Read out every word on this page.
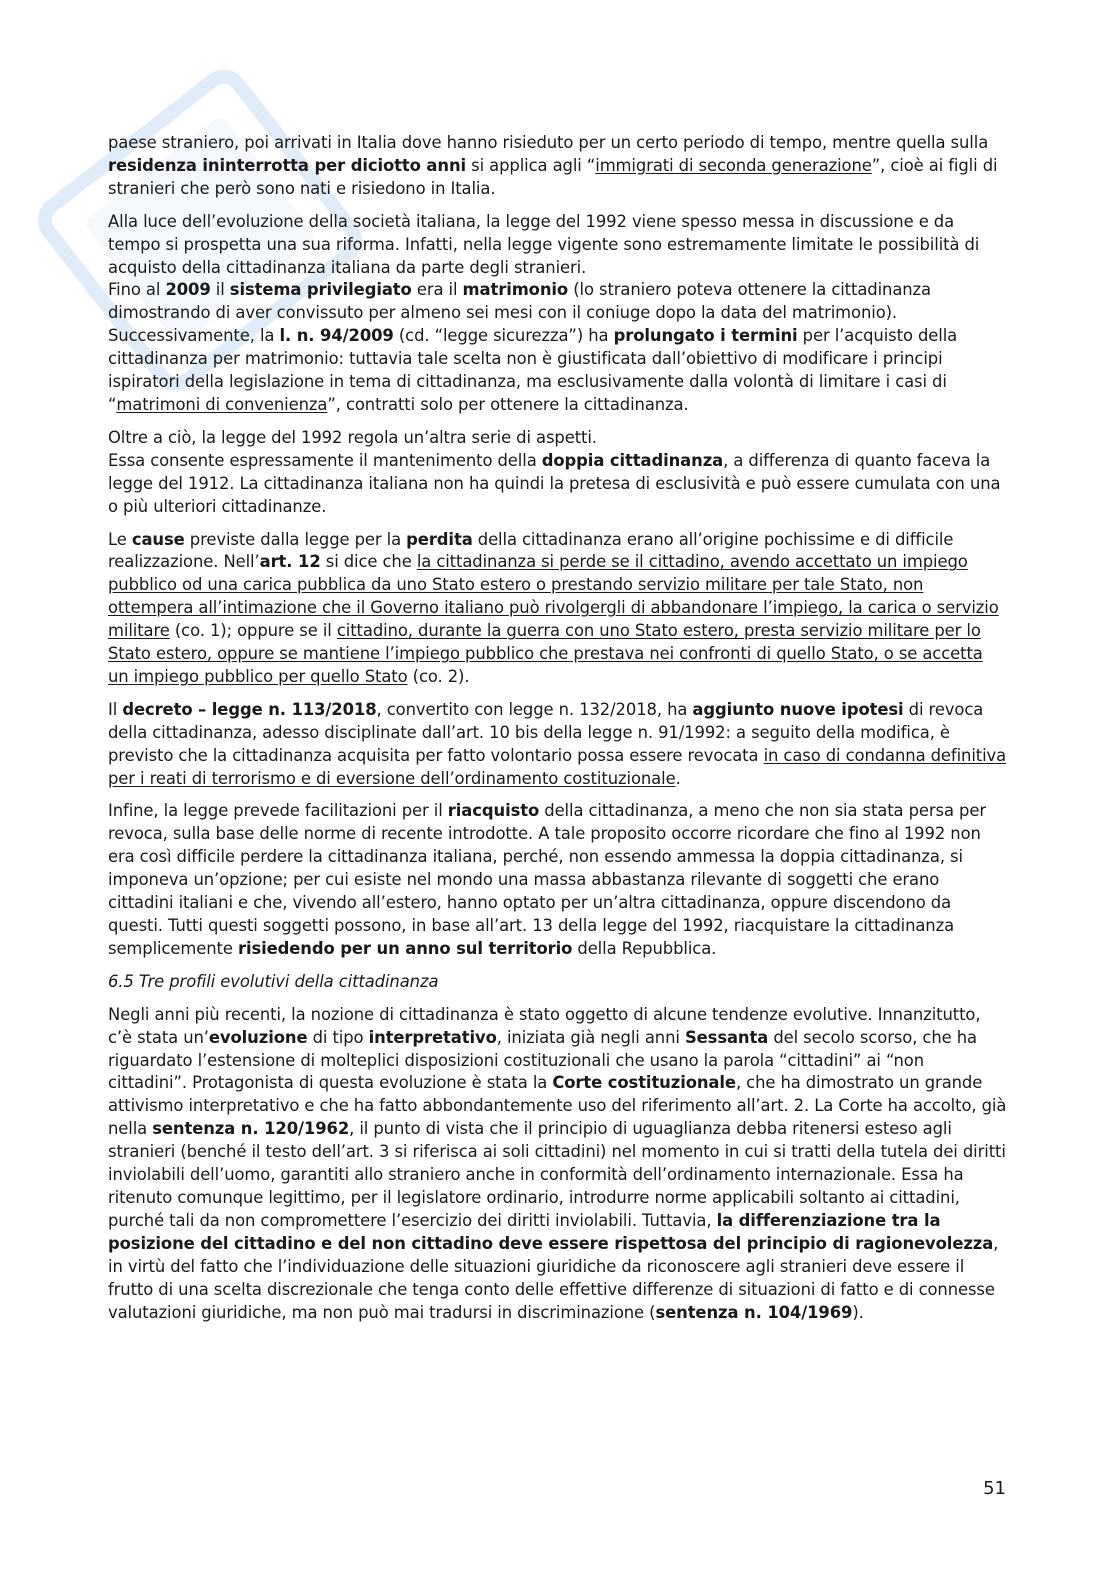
paese straniero, poi arrivati in Italia dove hanno risieduto per un certo periodo di tempo, mentre quella sulla residenza ininterrotta per diciotto anni si applica agli “immigrati di seconda generazione”, cioè ai figli di stranieri che però sono nati e risiedono in Italia.

Alla luce dell’evoluzione della società italiana, la legge del 1992 viene spesso messa in discussione e da tempo si prospetta una sua riforma. Infatti, nella legge vigente sono estremamente limitate le possibilità di acquisto della cittadinanza italiana da parte degli stranieri.

Fino al 2009 il sistema privilegiato era il matrimonio (lo straniero poteva ottenere la cittadinanza dimostrando di aver convissuto per almeno sei mesi con il coniuge dopo la data del matrimonio). Successivamente, la l. n. 94/2009 (cd. “legge sicurezza”) ha prolungato i termini per l’acquisto della cittadinanza per matrimonio: tuttavia tale scelta non è giustificata dall’obiettivo di modificare i principi ispiratori della legislazione in tema di cittadinanza, ma esclusivamente dalla volontà di limitare i casi di “matrimoni di convenienza”, contratti solo per ottenere la cittadinanza.

Oltre a ciò, la legge del 1992 regola un’altra serie di aspetti.

Essa consente espressamente il mantenimento della doppia cittadinanza, a differenza di quanto faceva la legge del 1912. La cittadinanza italiana non ha quindi la pretesa di esclusività e può essere cumulata con una o più ulteriori cittadinanze.

Le cause previste dalla legge per la perdita della cittadinanza erano all’origine pochissime e di difficile realizzazione. Nell’art. 12 si dice che la cittadinanza si perde se il cittadino, avendo accettato un impiego pubblico od una carica pubblica da uno Stato estero o prestando servizio militare per tale Stato, non ottempera all’intimazione che il Governo italiano può rivolgergli di abbandonare l’impiego, la carica o servizio militare (co. 1); oppure se il cittadino, durante la guerra con uno Stato estero, presta servizio militare per lo Stato estero, oppure se mantiene l’impiego pubblico che prestava nei confronti di quello Stato, o se accetta un impiego pubblico per quello Stato (co. 2).

Il decreto – legge n. 113/2018, convertito con legge n. 132/2018, ha aggiunto nuove ipotesi di revoca della cittadinanza, adesso disciplinate dall’art. 10 bis della legge n. 91/1992: a seguito della modifica, è previsto che la cittadinanza acquisita per fatto volontario possa essere revocata in caso di condanna definitiva per i reati di terrorismo e di eversione dell’ordinamento costituzionale.

Infine, la legge prevede facilitazioni per il riacquisto della cittadinanza, a meno che non sia stata persa per revoca, sulla base delle norme di recente introdotte. A tale proposito occorre ricordare che fino al 1992 non era così difficile perdere la cittadinanza italiana, perché, non essendo ammessa la doppia cittadinanza, si imponeva un’opzione; per cui esiste nel mondo una massa abbastanza rilevante di soggetti che erano cittadini italiani e che, vivendo all’estero, hanno optato per un’altra cittadinanza, oppure discendono da questi. Tutti questi soggetti possono, in base all’art. 13 della legge del 1992, riacquistare la cittadinanza semplicemente risiedendo per un anno sul territorio della Repubblica.

6.5 Tre profili evolutivi della cittadinanza

Negli anni più recenti, la nozione di cittadinanza è stato oggetto di alcune tendenze evolutive. Innanzitutto, c’è stata un’evoluzione di tipo interpretativo, iniziata già negli anni Sessanta del secolo scorso, che ha riguardato l’estensione di molteplici disposizioni costituzionali che usano la parola “cittadini” ai “non cittadini”. Protagonista di questa evoluzione è stata la Corte costituzionale, che ha dimostrato un grande attivismo interpretativo e che ha fatto abbondantemente uso del riferimento all’art. 2. La Corte ha accolto, già nella sentenza n. 120/1962, il punto di vista che il principio di uguaglianza debba ritenersi esteso agli stranieri (benché il testo dell’art. 3 si riferisca ai soli cittadini) nel momento in cui si tratti della tutela dei diritti inviolabili dell’uomo, garantiti allo straniero anche in conformità dell’ordinamento internazionale. Essa ha ritenuto comunque legittimo, per il legislatore ordinario, introdurre norme applicabili soltanto ai cittadini, purché tali da non compromettere l’esercizio dei diritti inviolabili. Tuttavia, la differenziazione tra la posizione del cittadino e del non cittadino deve essere rispettosa del principio di ragionevolezza, in virtù del fatto che l’individuazione delle situazioni giuridiche da riconoscere agli stranieri deve essere il frutto di una scelta discrezionale che tenga conto delle effettive differenze di situazioni di fatto e di connesse valutazioni giuridiche, ma non può mai tradursi in discriminazione (sentenza n. 104/1969).

51
